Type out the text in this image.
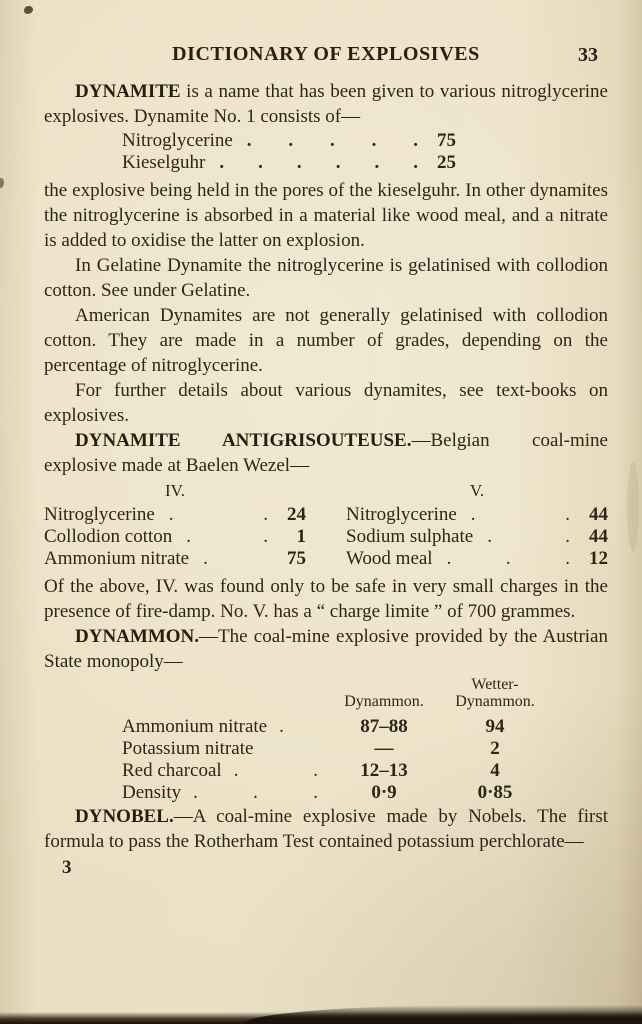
DICTIONARY OF EXPLOSIVES	33

DYNAMITE is a name that has been given to various nitroglycerine explosives. Dynamite No. 1 consists of—

Nitroglycerine . . . . .	75
Kieselguhr . . . . . .	25

the explosive being held in the pores of the kieselguhr. In other dynamites the nitroglycerine is absorbed in a material like wood meal, and a nitrate is added to oxidise the latter on explosion.

In Gelatine Dynamite the nitroglycerine is gelatinised with collodion cotton. See under Gelatine.

American Dynamites are not generally gelatinised with collodion cotton. They are made in a number of grades, depending on the percentage of nitroglycerine.

For further details about various dynamites, see text-books on explosives.

DYNAMITE ANTIGRISOUTEUSE.—Belgian coal-mine explosive made at Baelen Wezel—

IV.
Nitroglycerine . .	24
Collodion cotton . .	1
Ammonium nitrate .	75
V.
Nitroglycerine . .	44
Sodium sulphate . .	44
Wood meal . . .	12

Of the above, IV. was found only to be safe in very small charges in the presence of fire-damp. No. V. has a “ charge limite ” of 700 grammes.

DYNAMMON.—The coal-mine explosive provided by the Austrian State monopoly—

Dynammon.
Wetter-
Dynammon.
Ammonium nitrate .	87–88	94
Potassium nitrate	—	2
Red charcoal . .	12–13	4
Density . . .	0·9	0·85

DYNOBEL.—A coal-mine explosive made by Nobels. The first formula to pass the Rotherham Test contained potassium perchlorate—

3
